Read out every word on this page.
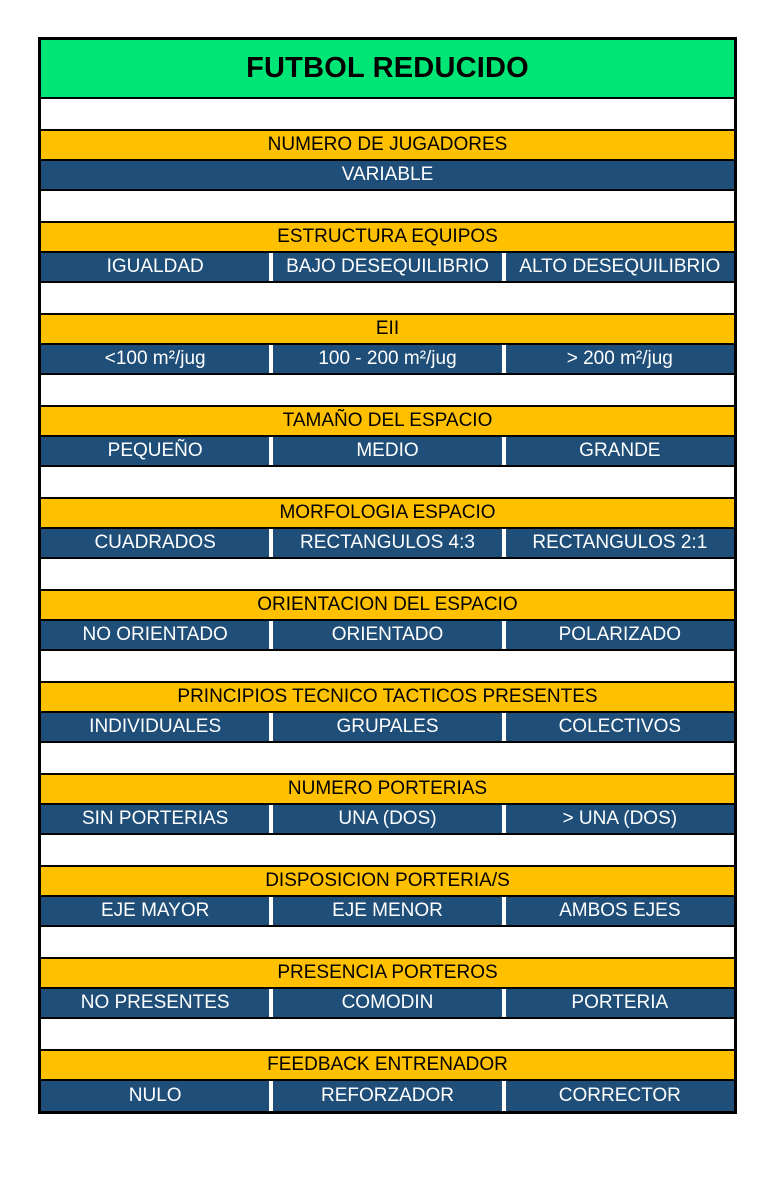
FUTBOL REDUCIDO
NUMERO DE JUGADORES
VARIABLE
ESTRUCTURA EQUIPOS
IGUALDAD	BAJO DESEQUILIBRIO	ALTO DESEQUILIBRIO
EII
<100 m²/jug	100 - 200 m²/jug	> 200 m²/jug
TAMAÑO DEL ESPACIO
PEQUEÑO	MEDIO	GRANDE
MORFOLOGIA ESPACIO
CUADRADOS	RECTANGULOS 4:3	RECTANGULOS 2:1
ORIENTACION DEL ESPACIO
NO ORIENTADO	ORIENTADO	POLARIZADO
PRINCIPIOS TECNICO TACTICOS PRESENTES
INDIVIDUALES	GRUPALES	COLECTIVOS
NUMERO PORTERIAS
SIN PORTERIAS	UNA (DOS)	> UNA (DOS)
DISPOSICION PORTERIA/S
EJE MAYOR	EJE MENOR	AMBOS EJES
PRESENCIA PORTEROS
NO PRESENTES	COMODIN	PORTERIA
FEEDBACK ENTRENADOR
NULO	REFORZADOR	CORRECTOR
